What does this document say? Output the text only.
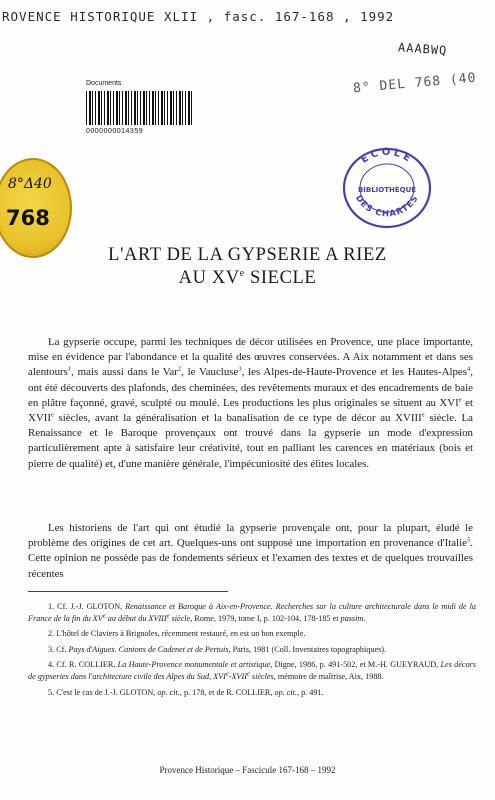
ROVENCE HISTORIQUE XLII , fasc. 167-168 , 1992
AAABWQ
8° DEL 768 (40
Documents
0000000014359
8°Δ40
768
ECOLE
BIBLIOTHÈQUE
DES CHARTES
L'ART DE LA GYPSERIE A RIEZ
AU XVe SIECLE
La gypserie occupe, parmi les techniques de décor utilisées en Provence, une place importante, mise en évidence par l'abondance et la qualité des œuvres conservées. A Aix notamment et dans ses alentours$^1$, mais aussi dans le Var$^2$, le Vaucluse$^3$, les Alpes-de-Haute-Provence et les Hautes-Alpes$^4$, ont été découverts des plafonds, des cheminées, des revêtements muraux et des encadrements de baie en plâtre façonné, gravé, sculpté ou moulé. Les productions les plus originales se situent au XVIe et XVIIe siècles, avant la généralisation et la banalisation de ce type de décor au XVIIIe siècle. La Renaissance et le Baroque provençaux ont trouvé dans la gypserie un mode d'expression particulièrement apte à satisfaire leur créativité, tout en palliant les carences en matériaux (bois et pierre de qualité) et, d'une manière générale, l'impécuniosité des élites locales.
Les historiens de l'art qui ont étudié la gypserie provençale ont, pour la plupart, éludé le problème des origines de cet art. Quelques-uns ont supposé une importation en provenance d'Italie$^5$. Cette opinion ne possède pas de fondements sérieux et l'examen des textes et de quelques trouvailles récentes

1. Cf. J.-J. GLOTON, Renaissance et Baroque à Aix-en-Provence. Recherches sur la culture architecturale dans le midi de la France de la fin du XVe au début du XVIIIe siècle, Rome, 1979, tome I, p. 102-104, 178-185 et passim.

2. L'hôtel de Claviers à Brignoles, récemment restauré, en est un bon exemple.

3. Cf. Pays d'Aigues. Cantons de Cadenet et de Pertuis, Paris, 1981 (Coll. Inventaires topographiques).

4. Cf. R. COLLIER, La Haute-Provence monumentale et artistique, Digne, 1986, p. 491-502, et M.-H. GUEYRAUD, Les décors de gypseries dans l'architecture civile des Alpes du Sud, XVIe-XVIIe siècles, mémoire de maîtrise, Aix, 1988.

5. C'est le cas de J.-J. GLOTON, op. cit., p. 178, et de R. COLLIER, op. cit., p. 491.

Provence Historique – Fascicule 167-168 – 1992
